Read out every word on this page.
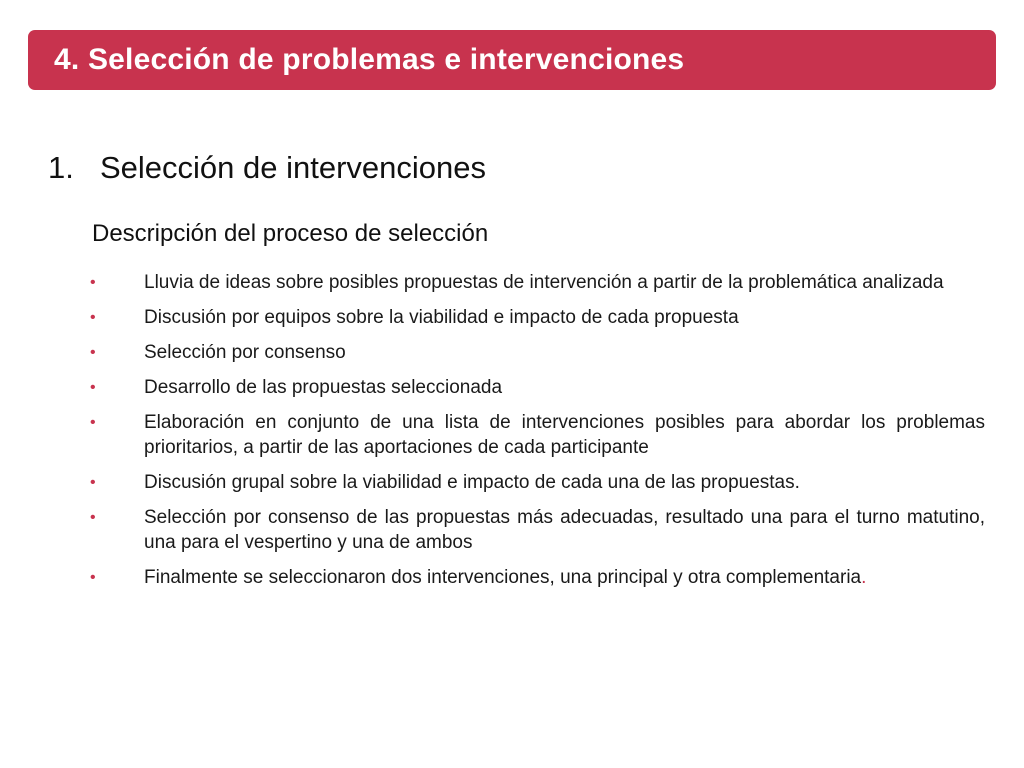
4. Selección de problemas e intervenciones
1. Selección de intervenciones
Descripción del proceso de selección
•	Lluvia de ideas sobre posibles propuestas de intervención a partir de la problemática analizada
•	Discusión por equipos sobre la viabilidad e impacto de cada propuesta
•	Selección por consenso
•	Desarrollo de las propuestas seleccionada
•	Elaboración en conjunto de una lista de intervenciones posibles para abordar los problemas prioritarios, a partir de las aportaciones de cada participante
•	Discusión grupal sobre la viabilidad e impacto de cada una de las propuestas.
•	Selección por consenso de las propuestas más adecuadas, resultado una para el turno matutino, una para el vespertino y una de ambos
•	Finalmente se seleccionaron dos intervenciones, una principal y otra complementaria.
